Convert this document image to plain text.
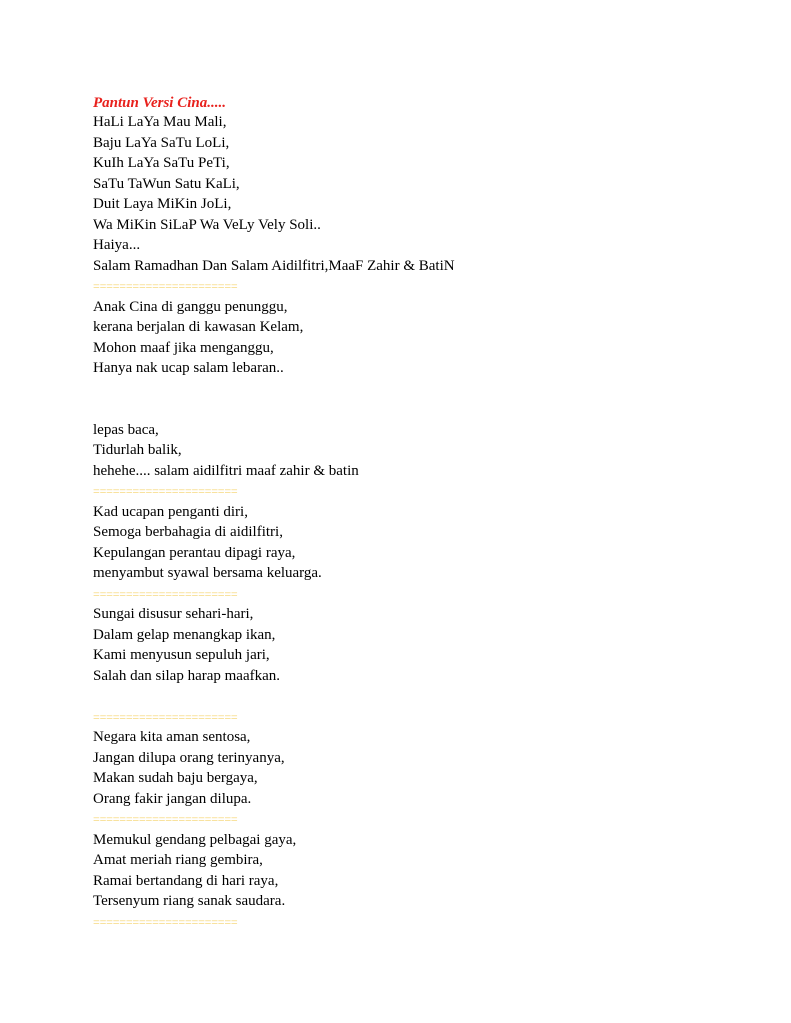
Pantun Versi Cina.....
HaLi LaYa Mau Mali,
Baju LaYa SaTu LoLi,
KuIh LaYa SaTu PeTi,
SaTu TaWun Satu KaLi,
Duit Laya MiKin JoLi,
Wa MiKin SiLaP Wa VeLy Vely Soli..
Haiya...
Salam Ramadhan Dan Salam Aidilfitri,MaaF Zahir & BatiN
======================
Anak Cina di ganggu penunggu,
kerana berjalan di kawasan Kelam,
Mohon maaf jika menganggu,
Hanya nak ucap salam lebaran..
lepas baca,
Tidurlah balik,
hehehe.... salam aidilfitri maaf zahir & batin
======================
Kad ucapan penganti diri,
Semoga berbahagia di aidilfitri,
Kepulangan perantau dipagi raya,
menyambut syawal bersama keluarga.
======================
Sungai disusur sehari-hari,
Dalam gelap menangkap ikan,
Kami menyusun sepuluh jari,
Salah dan silap harap maafkan.
======================
Negara kita aman sentosa,
Jangan dilupa orang terinyanya,
Makan sudah baju bergaya,
Orang fakir jangan dilupa.
======================
Memukul gendang pelbagai gaya,
Amat meriah riang gembira,
Ramai bertandang di hari raya,
Tersenyum riang sanak saudara.
======================
